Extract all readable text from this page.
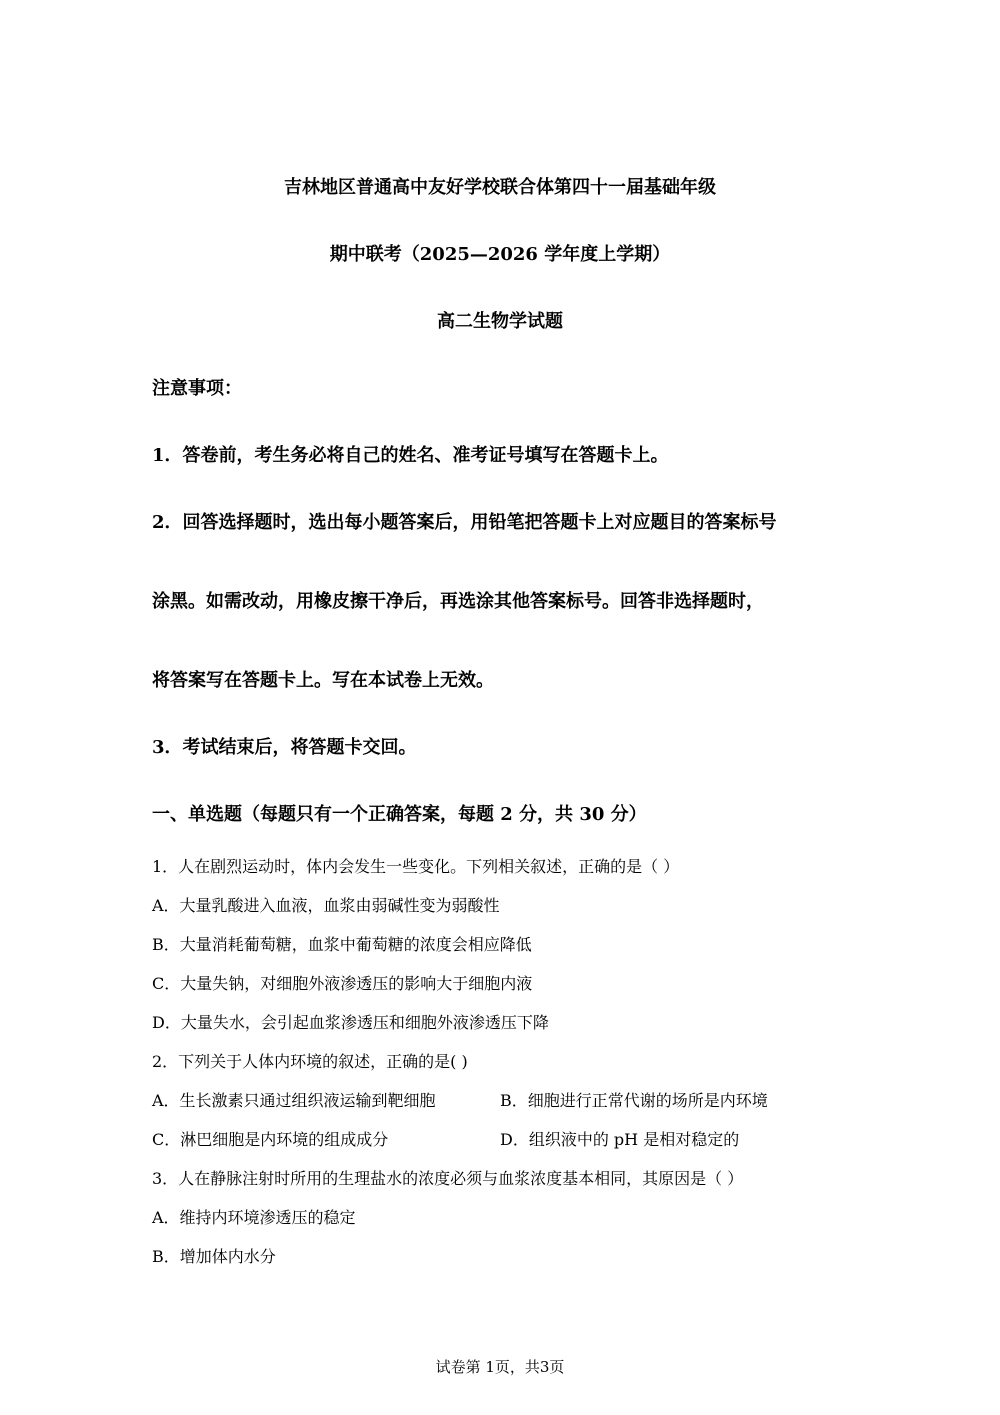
吉林地区普通高中友好学校联合体第四十一届基础年级
期中联考（2025—2026 学年度上学期）
高二生物学试题
注意事项：
1．答卷前，考生务必将自己的姓名、准考证号填写在答题卡上。
2．回答选择题时，选出每小题答案后，用铅笔把答题卡上对应题目的答案标号
涂黑。如需改动，用橡皮擦干净后，再选涂其他答案标号。回答非选择题时，
将答案写在答题卡上。写在本试卷上无效。
3．考试结束后，将答题卡交回。
一、单选题（每题只有一个正确答案，每题 2 分，共 30 分）
1．人在剧烈运动时，体内会发生一些变化。下列相关叙述，正确的是（ ）
A．大量乳酸进入血液，血浆由弱碱性变为弱酸性
B．大量消耗葡萄糖，血浆中葡萄糖的浓度会相应降低
C．大量失钠，对细胞外液渗透压的影响大于细胞内液
D．大量失水，会引起血浆渗透压和细胞外液渗透压下降
2．下列关于人体内环境的叙述，正确的是( )
A．生长激素只通过组织液运输到靶细胞	B．细胞进行正常代谢的场所是内环境
C．淋巴细胞是内环境的组成成分	D．组织液中的 pH 是相对稳定的
3．人在静脉注射时所用的生理盐水的浓度必须与血浆浓度基本相同，其原因是（ ）
A．维持内环境渗透压的稳定
B．增加体内水分
试卷第 1页，共3页
